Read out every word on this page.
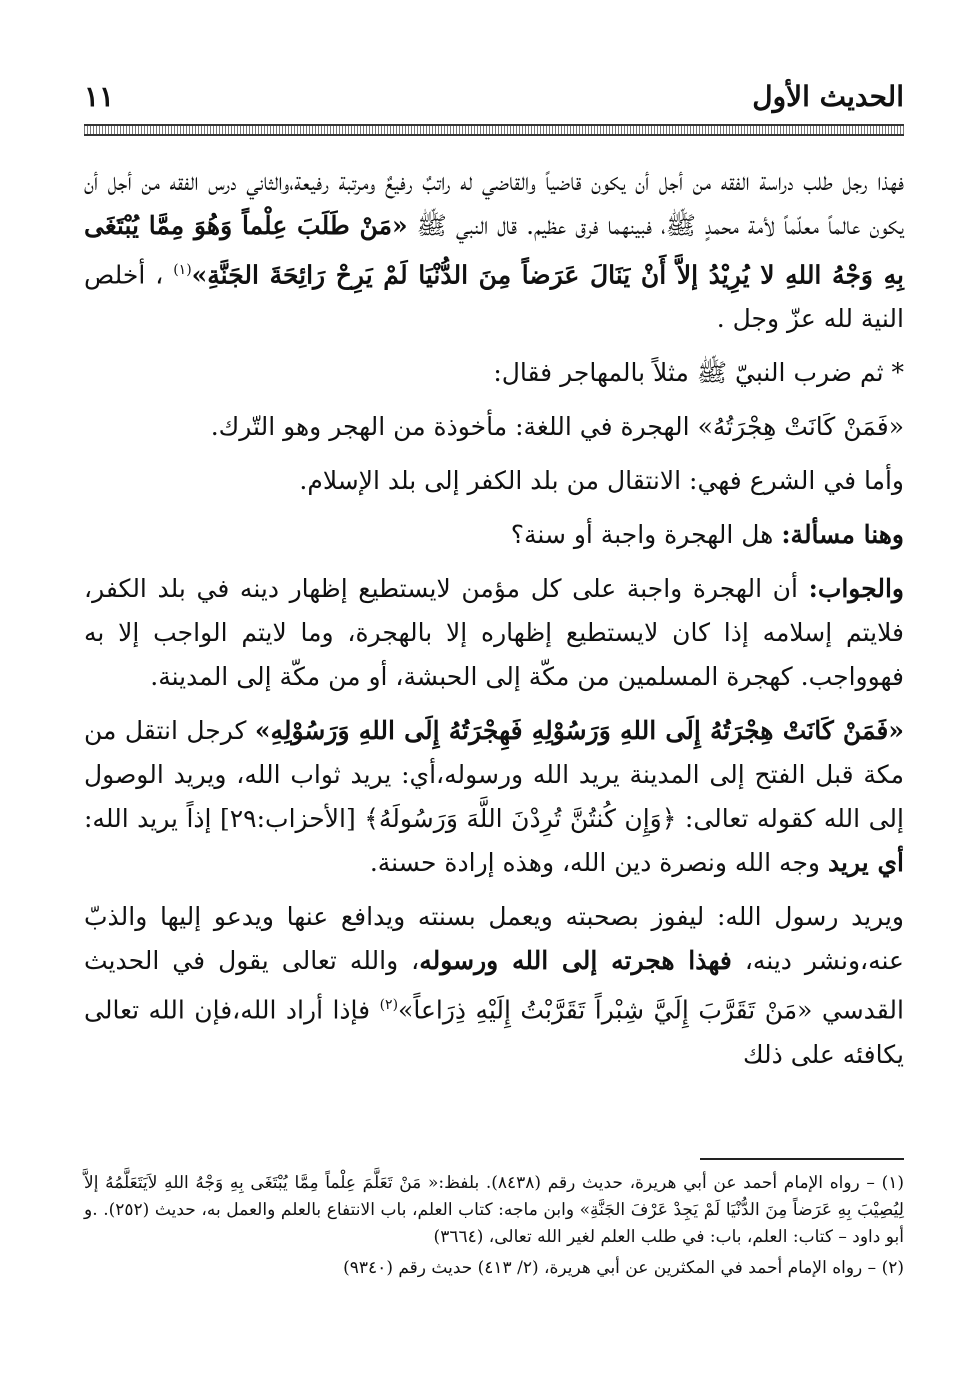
١١	الحديث الأول

فهذا رجل طلب دراسة الفقه من أجل أن يكون قاضياً والقاضي له راتبٌ رفيعٌ ومرتبة رفيعة،والثاني درس الفقه من أجل أن يكون عالماً معلّماً لأمة محمدٍ ﷺ، فبينهما فرق عظيم. قال النبي ﷺ «مَنْ طَلَبَ عِلْماً وَهُوَ مِمَّا يُبْتَغَى بِهِ وَجْهُ اللهِ لا يُرِيْدُ إلاَّ أَنْ يَنَالَ عَرَضاً مِنَ الدُّنْيَا لَمْ يَرِحْ رَائِحَةَ الجَنَّةِ»$^{(١)}$ ، أخلص النية لله عزّ وجل .

* ثم ضرب النبيّ ﷺ مثلاً بالمهاجر فقال:

«فَمَنْ كَانَتْ هِجْرَتُهُ» الهجرة في اللغة: مأخوذة من الهجر وهو التّرك.

وأما في الشرع فهي: الانتقال من بلد الكفر إلى بلد الإسلام.

وهنا مسألة: هل الهجرة واجبة أو سنة؟

والجواب: أن الهجرة واجبة على كل مؤمن لايستطيع إظهار دينه في بلد الكفر، فلايتم إسلامه إذا كان لايستطيع إظهاره إلا بالهجرة، وما لايتم الواجب إلا به فهوواجب. كهجرة المسلمين من مكّة إلى الحبشة، أو من مكّة إلى المدينة.

«فَمَنْ كَانَتْ هِجْرَتُهُ إِلَى اللهِ وَرَسُوْلِهِ فَهِجْرَتُهُ إِلَى اللهِ وَرَسُوْلِهِ» كرجل انتقل من مكة قبل الفتح إلى المدينة يريد الله ورسوله،أي: يريد ثواب الله، ويريد الوصول إلى الله كقوله تعالى: ﴿وَإِن كُنتُنَّ تُرِدْنَ اللَّهَ وَرَسُولَهُ﴾ [الأحزاب:٢٩] إذاً يريد الله: أي يريد وجه الله ونصرة دين الله، وهذه إرادة حسنة.

ويريد رسول الله: ليفوز بصحبته ويعمل بسنته ويدافع عنها ويدعو إليها والذبّ عنه،ونشر دينه، فهذا هجرته إلى الله ورسوله، والله تعالى يقول في الحديث القدسي «مَنْ تَقَرَّبَ إِلَيَّ شِبْراً تَقَرَّبْتُ إِلَيْهِ ذِرَاعاً»$^{(٢)}$ فإذا أراد الله،فإن الله تعالى يكافئه على ذلك

(١) – رواه الإمام أحمد عن أبي هريرة، حديث رقم (٨٤٣٨). بلفظ:« مَنْ تَعَلَّمَ عِلْماً مِمَّا يُبْتَغَى بِهِ وَجْهُ اللهِ لاَيَتَعَلَّمُهُ إلاَّ لِيُصِيْبَ بِهِ عَرَضاً مِنَ الدُّنْيَا لَمْ يَجِدْ عَرْفَ الجَنَّةِ» وابن ماجه: كتاب العلم، باب الانتفاع بالعلم والعمل به، حديث (٢٥٢). .و أبو داود – كتاب: العلم، باب: في طلب العلم لغير الله تعالى، (٣٦٦٤)

(٢) – رواه الإمام أحمد في المكثرين عن أبي هريرة، (٢/ ٤١٣) حديث رقم (٩٣٤٠)
